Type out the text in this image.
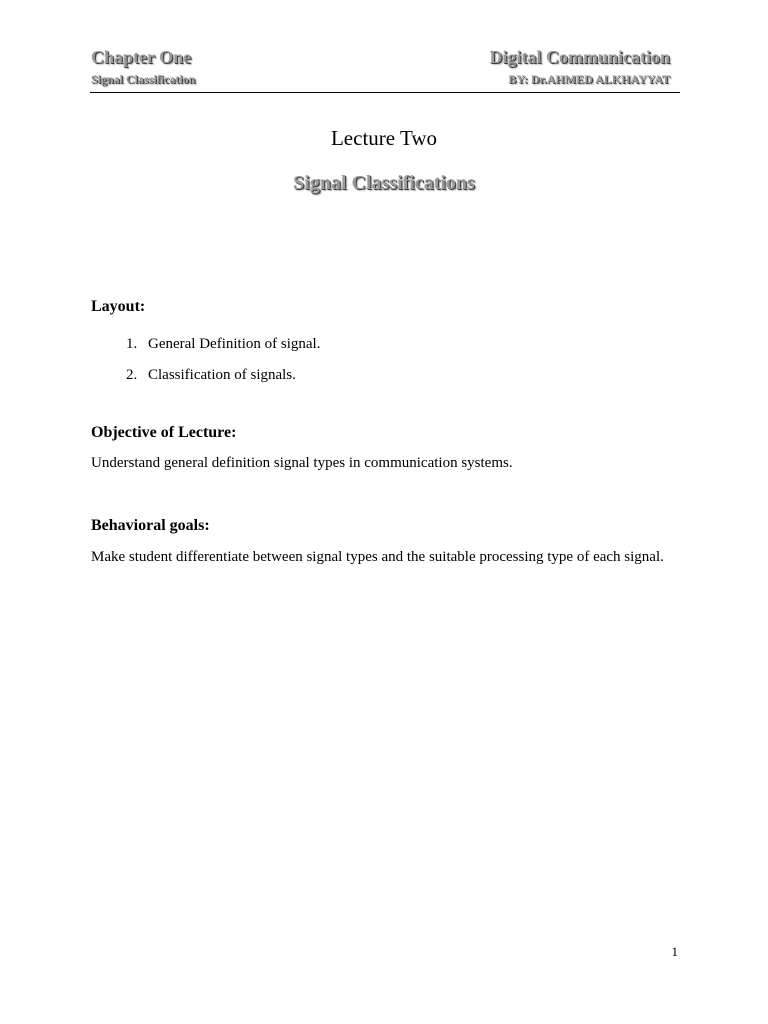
Chapter One
Signal Classification
Digital Communication
BY: Dr.AHMED ALKHAYYAT
Lecture Two
Signal Classifications
Layout:
1. General Definition of signal.
2. Classification of signals.
Objective of Lecture:

Understand general definition signal types in communication systems.

Behavioral goals:

Make student differentiate between signal types and the suitable processing type of each signal.

1
